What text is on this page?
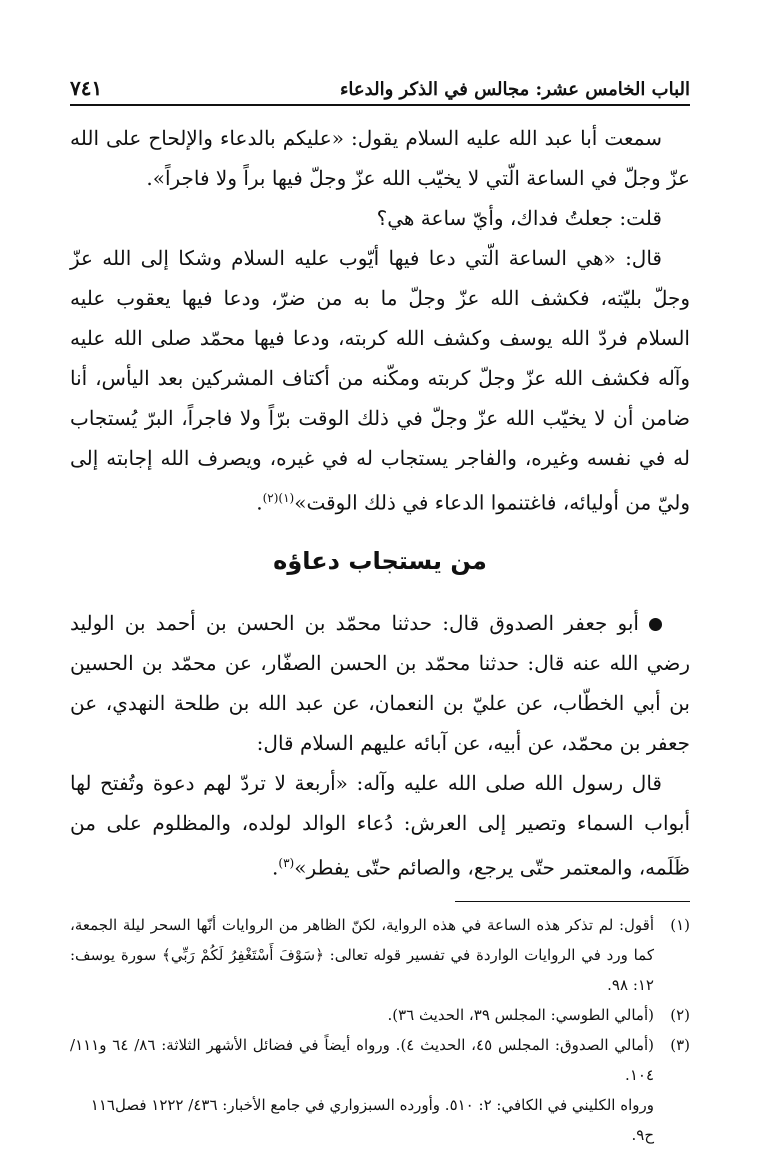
الباب الخامس عشر: مجالس في الذكر والدعاء
٧٤١

سمعت أبا عبد الله عليه السلام يقول: «عليكم بالدعاء والإلحاح على الله عزّ وجلّ في الساعة الّتي لا يخيّب الله عزّ وجلّ فيها براً ولا فاجراً».

قلت: جعلتُ فداك، وأيّ ساعة هي؟

قال: «هي الساعة الّتي دعا فيها أيّوب عليه السلام وشكا إلى الله عزّ وجلّ بليّته، فكشف الله عزّ وجلّ ما به من ضرّ، ودعا فيها يعقوب عليه السلام فردّ الله يوسف وكشف الله كربته، ودعا فيها محمّد صلى الله عليه وآله فكشف الله عزّ وجلّ كربته ومكّنه من أكتاف المشركين بعد اليأس، أنا ضامن أن لا يخيّب الله عزّ وجلّ في ذلك الوقت برّاً ولا فاجراً، البرّ يُستجاب له في نفسه وغيره، والفاجر يستجاب له في غيره، ويصرف الله إجابته إلى وليّ من أوليائه، فاغتنموا الدعاء في ذلك الوقت»$^{(١)(٢)}$.

من يستجاب دعاؤه

أبو جعفر الصدوق قال: حدثنا محمّد بن الحسن بن أحمد بن الوليد رضي الله عنه قال: حدثنا محمّد بن الحسن الصفّار، عن محمّد بن الحسين بن أبي الخطّاب، عن عليّ بن النعمان، عن عبد الله بن طلحة النهدي، عن جعفر بن محمّد، عن أبيه، عن آبائه عليهم السلام قال:

قال رسول الله صلى الله عليه وآله: «أربعة لا تردّ لهم دعوة وتُفتح لها أبواب السماء وتصير إلى العرش: دُعاء الوالد لولده، والمظلوم على من ظَلَمه، والمعتمر حتّى يرجع، والصائم حتّى يفطر»$^{(٣)}$.

(١)
أقول: لم تذكر هذه الساعة في هذه الرواية، لكنّ الظاهر من الروايات أنّها السحر ليلة الجمعة، كما ورد في الروايات الواردة في تفسير قوله تعالى: ﴿سَوْفَ أَسْتَغْفِرُ لَكُمْ رَبِّي﴾ سورة يوسف: ١٢: ٩٨.
(٢)
(أمالي الطوسي: المجلس ٣٩، الحديث ٣٦).
(٣)
(أمالي الصدوق: المجلس ٤٥، الحديث ٤). ورواه أيضاً في فضائل الأشهر الثلاثة: ٨٦/ ٦٤ و١١١/ ١٠٤.
ورواه الكليني في الكافي: ٢: ٥١٠. وأورده السبزواري في جامع الأخبار: ٤٣٦/ ١٢٢٢ فصل١١٦ ح٩.
